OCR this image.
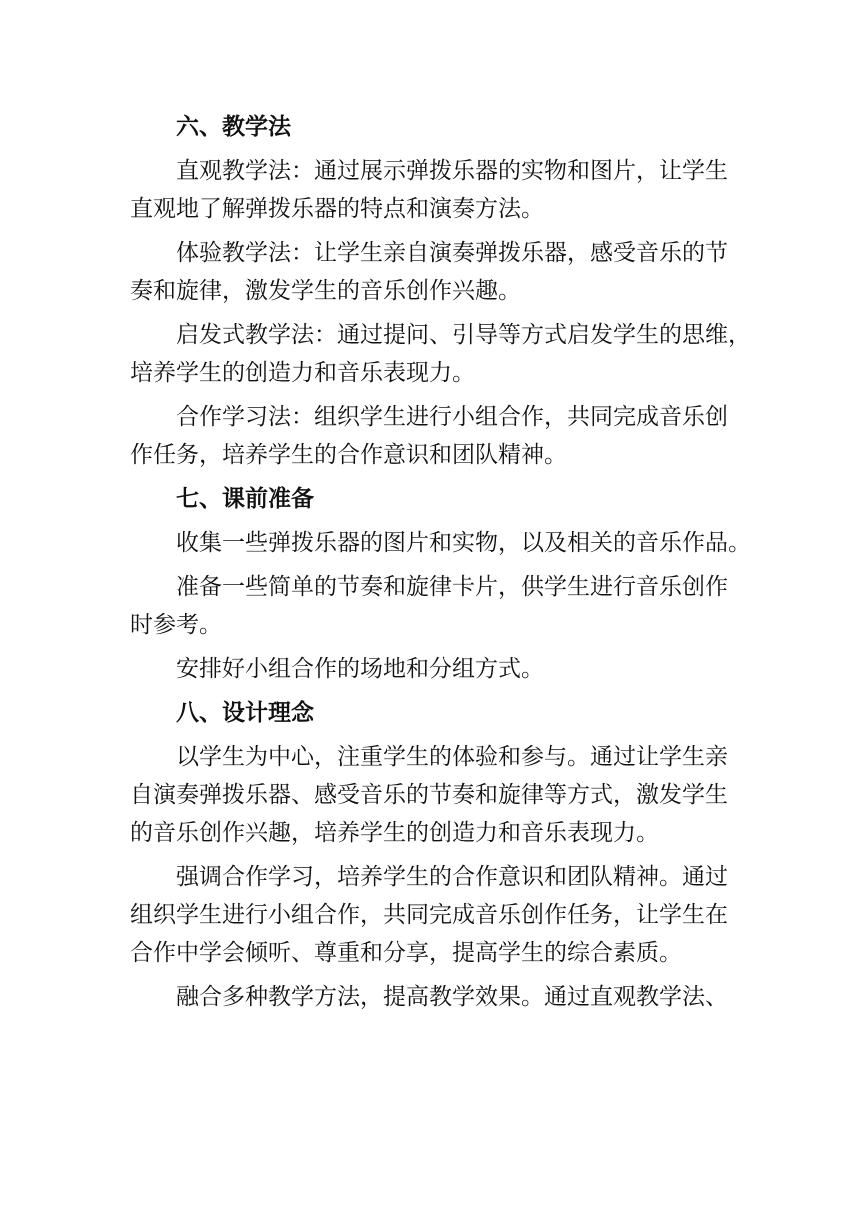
六、教学法
直观教学法：通过展示弹拨乐器的实物和图片，让学生
直观地了解弹拨乐器的特点和演奏方法。
体验教学法：让学生亲自演奏弹拨乐器，感受音乐的节
奏和旋律，激发学生的音乐创作兴趣。
启发式教学法：通过提问、引导等方式启发学生的思维，
培养学生的创造力和音乐表现力。
合作学习法：组织学生进行小组合作，共同完成音乐创
作任务，培养学生的合作意识和团队精神。
七、课前准备
收集一些弹拨乐器的图片和实物，以及相关的音乐作品。
准备一些简单的节奏和旋律卡片，供学生进行音乐创作
时参考。
安排好小组合作的场地和分组方式。
八、设计理念
以学生为中心，注重学生的体验和参与。通过让学生亲
自演奏弹拨乐器、感受音乐的节奏和旋律等方式，激发学生
的音乐创作兴趣，培养学生的创造力和音乐表现力。
强调合作学习，培养学生的合作意识和团队精神。通过
组织学生进行小组合作，共同完成音乐创作任务，让学生在
合作中学会倾听、尊重和分享，提高学生的综合素质。
融合多种教学方法，提高教学效果。通过直观教学法、
